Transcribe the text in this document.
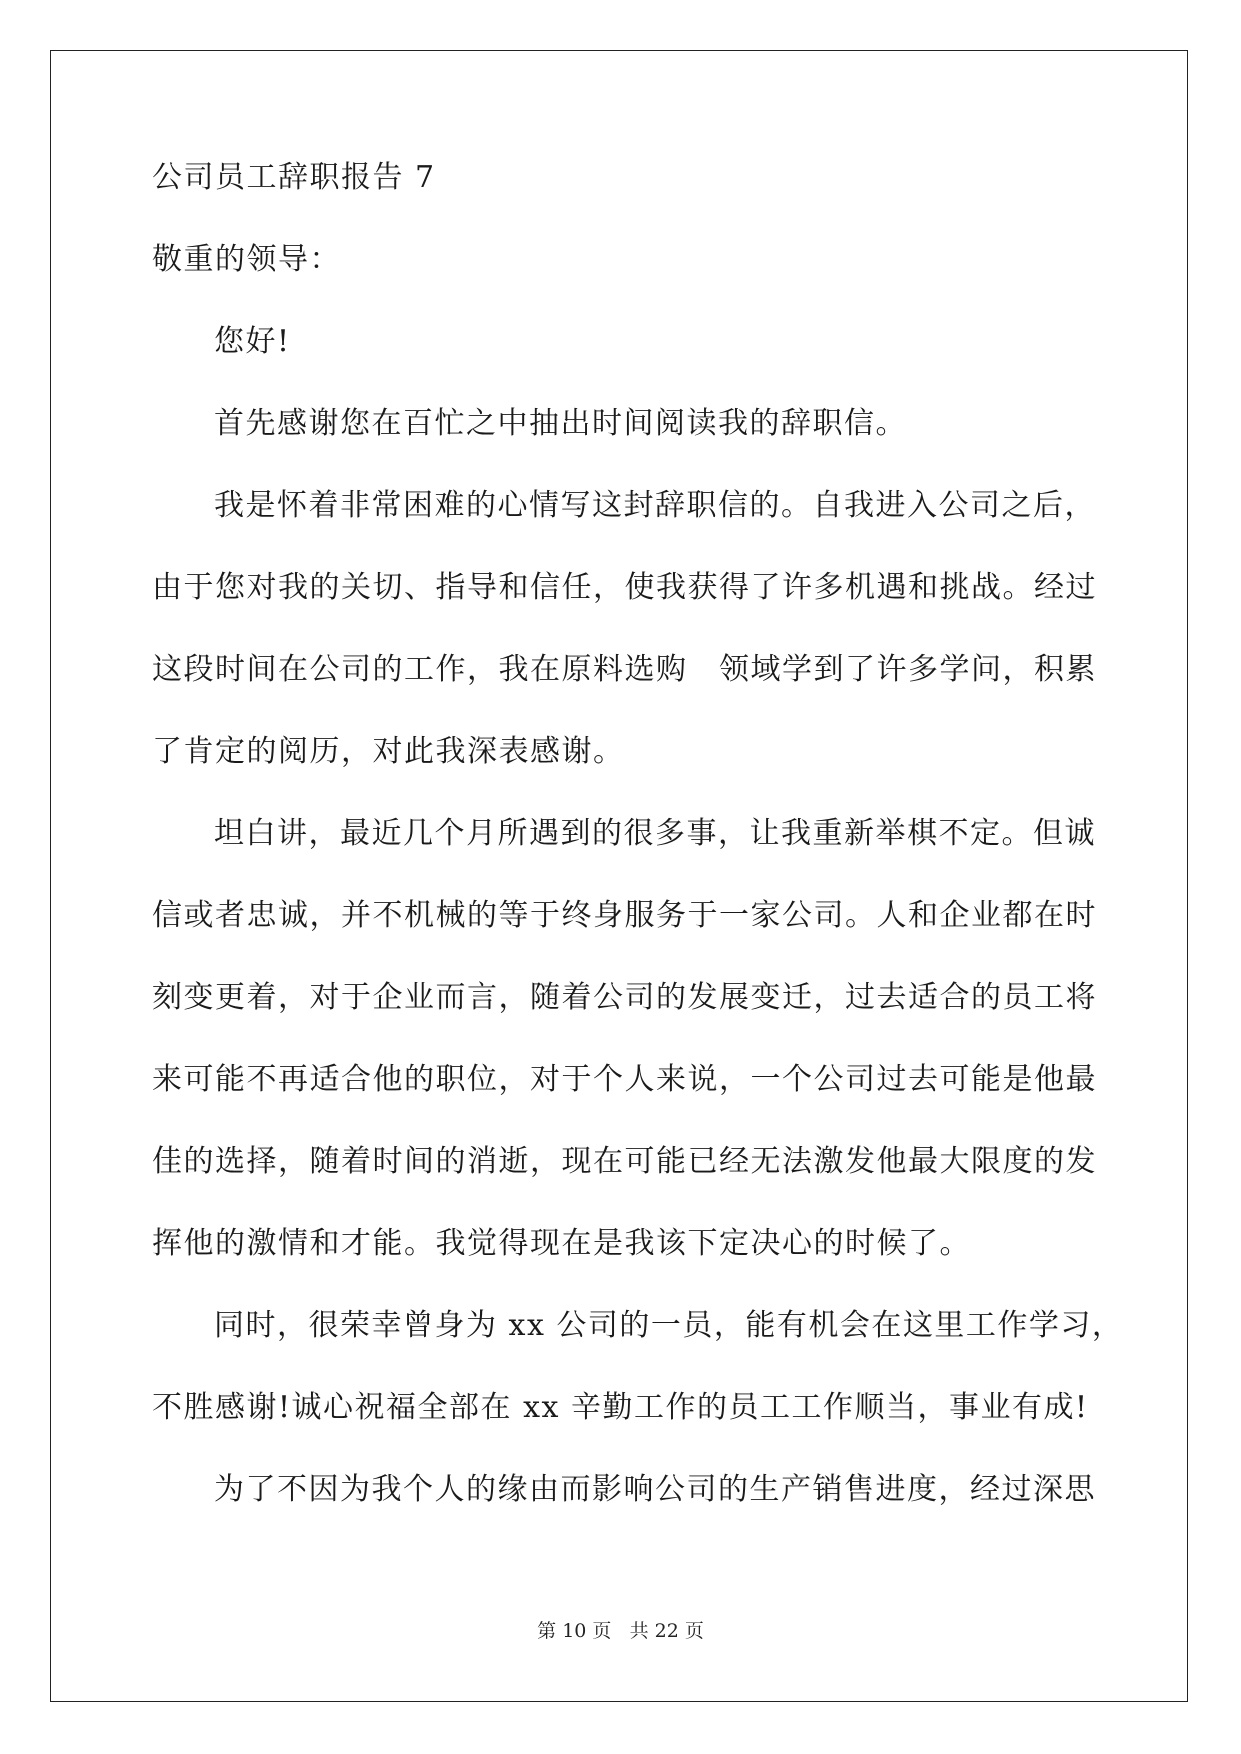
公司员工辞职报告 7
敬重的领导：
您好!
首先感谢您在百忙之中抽出时间阅读我的辞职信。
我是怀着非常困难的心情写这封辞职信的。自我进入公司之后，
由于您对我的关切、指导和信任，使我获得了许多机遇和挑战。经过
这段时间在公司的工作，我在原料选购　领域学到了许多学问，积累
了肯定的阅历，对此我深表感谢。
坦白讲，最近几个月所遇到的很多事，让我重新举棋不定。但诚
信或者忠诚，并不机械的等于终身服务于一家公司。人和企业都在时
刻变更着，对于企业而言，随着公司的发展变迁，过去适合的员工将
来可能不再适合他的职位，对于个人来说，一个公司过去可能是他最
佳的选择，随着时间的消逝，现在可能已经无法激发他最大限度的发
挥他的激情和才能。我觉得现在是我该下定决心的时候了。
同时，很荣幸曾身为 xx 公司的一员，能有机会在这里工作学习，
不胜感谢!诚心祝福全部在 xx 辛勤工作的员工工作顺当，事业有成!
为了不因为我个人的缘由而影响公司的生产销售进度，经过深思
第 10 页 共 22 页
